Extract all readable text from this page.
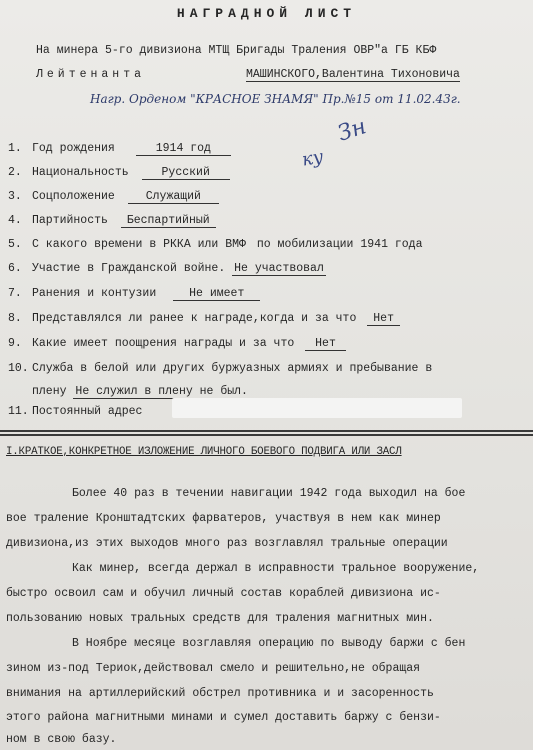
НАГРАДНОЙ ЛИСТ
На минера 5-го дивизиона МТЩ Бригады Траления ОВР"а ГБ КБФ
Лейтенанта	МАШИНСКОГО,Валентина Тихоновича
Нагр. Орденом "КРАСНОЕ ЗНАМЯ" Пр.№15 от 11.02.43г.
Зн
ку
1. Год рождения	1914 год
2. Национальность	Русский
3. Соцположение	Служащий
4. Партийность Беспартийный
5. С какого времени в РККА или ВМФ по мобилизации 1941 года
6. Участие в Гражданской войне. Не участвовал
7. Ранения и контузии	Не имеет
8. Представлялся ли ранее к награде,когда и за что Нет
9. Какие имеет поощрения награды и за что Нет
10. Служба в белой или других буржуазных армиях и пребывание в
плену Не служил в плену не был.
11. Постоянный адрес
I.КРАТКОЕ,КОНКРЕТНОЕ ИЗЛОЖЕНИЕ ЛИЧНОГО БОЕВОГО ПОДВИГА ИЛИ ЗАСЛ
Более 40 раз в течении навигации 1942 года выходил на бое
вое траление Кронштадтских фарватеров, участвуя в нем как минер
дивизиона,из этих выходов много раз возглавлял тральные операции
Как минер, всегда держал в исправности тральное вооружение,
быстро освоил сам и обучил личный состав кораблей дивизиона ис-
пользованию новых тральных средств для траления магнитных мин.
В Ноябре месяце возглавляя операцию по выводу баржи с бен
зином из-под Териок,действовал смело и решительно,не обращая
внимания на артиллерийский обстрел противника и и засоренность
этого района магнитными минами и сумел доставить баржу с бензи-
ном в свою базу.
